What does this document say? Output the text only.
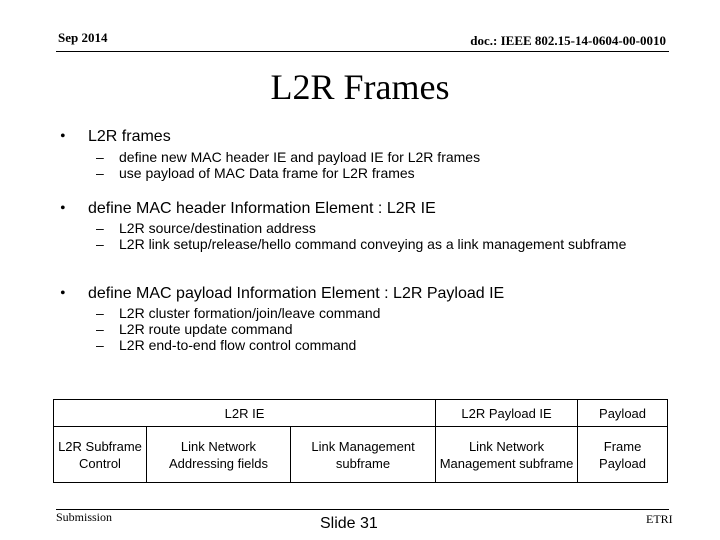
Sep 2014	doc.: IEEE 802.15-14-0604-00-0010
L2R Frames
• L2R frames
–	define new MAC header IE and payload IE for L2R frames
–	use payload of MAC Data frame for L2R frames
• define MAC header Information Element : L2R IE
–	L2R source/destination address
–	L2R link setup/release/hello command conveying as a link management subframe
• define MAC payload Information Element : L2R Payload IE
–	L2R cluster formation/join/leave command
–	L2R route update command
–	L2R end-to-end flow control command
L2R IE			L2R Payload IE	Payload
L2R Subframe Control	Link Network Addressing fields	Link Management subframe	Link Network Management subframe	Frame Payload
Submission	Slide 31	ETRI
